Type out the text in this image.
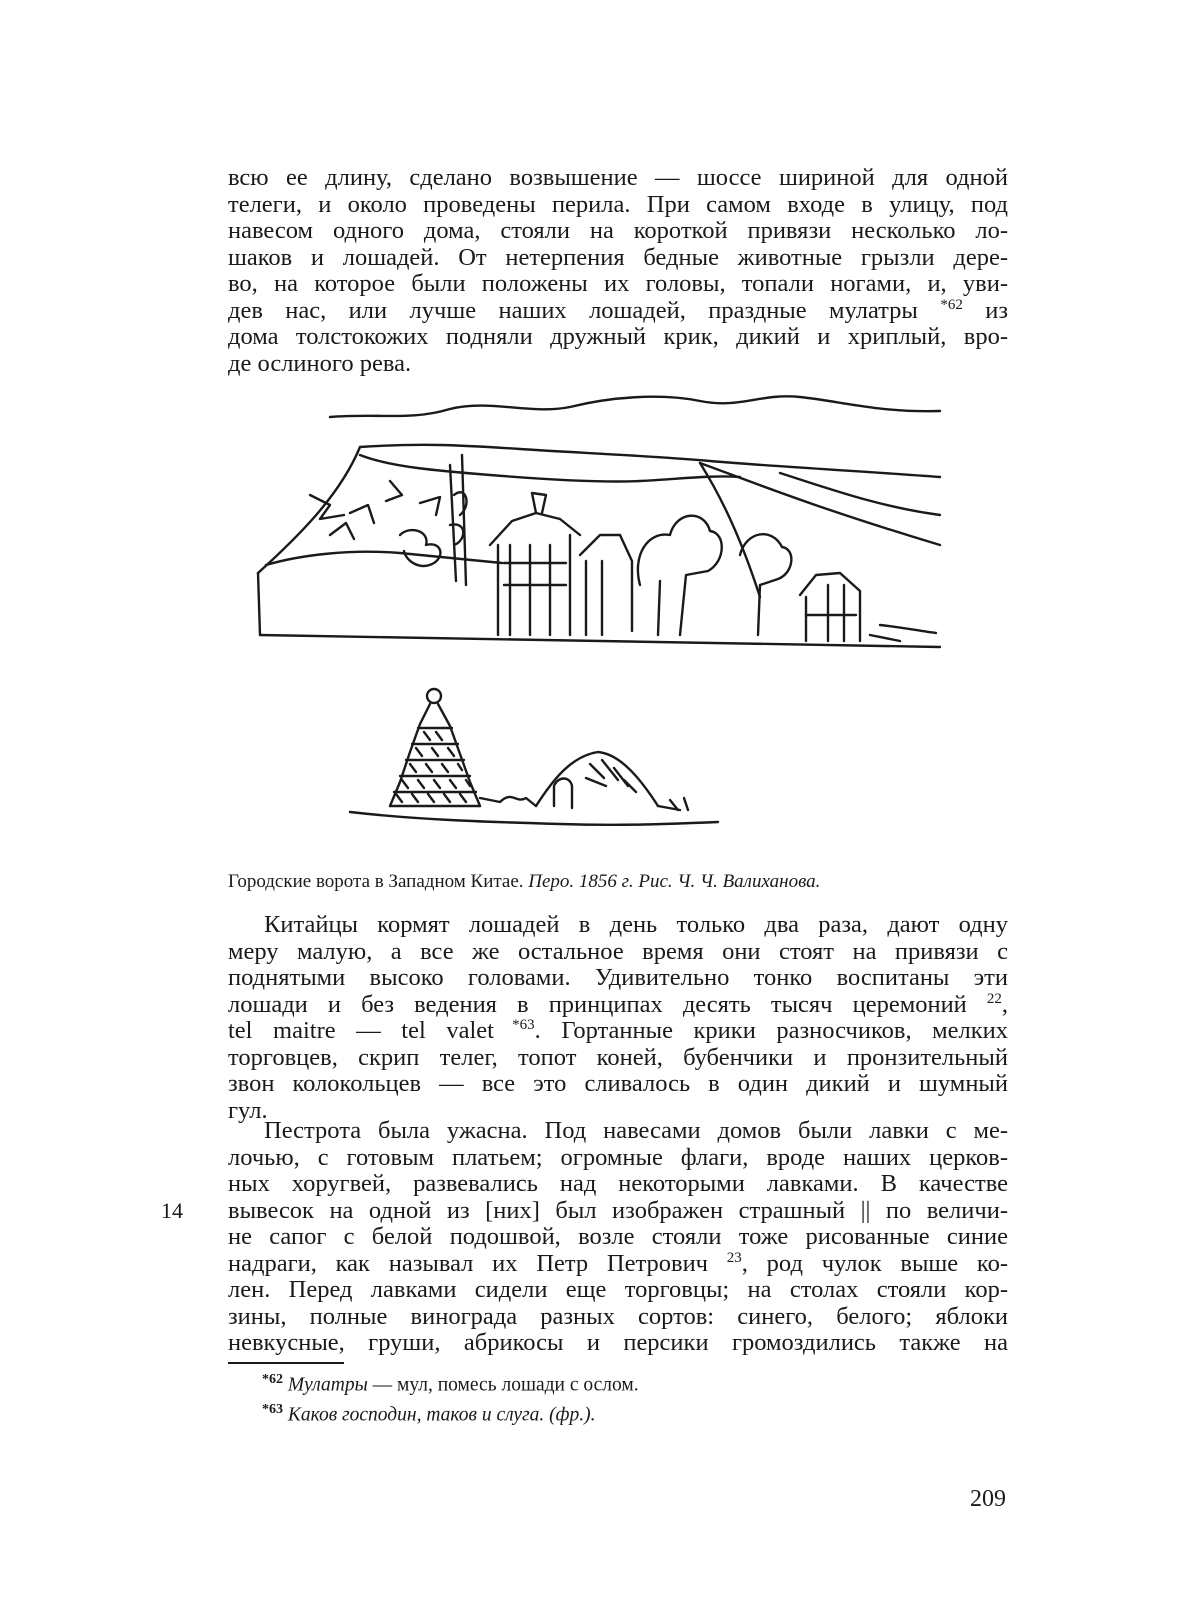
всю ее длину, сделано возвышение — шоссе шириной для одной
телеги, и около проведены перила. При самом входе в улицу, под
навесом одного дома, стояли на короткой привязи несколько ло-
шаков и лошадей. От нетерпения бедные животные грызли дере-
во, на которое были положены их головы, топали ногами, и, уви-
дев нас, или лучше наших лошадей, праздные мулатры $^{*62}$ из
дома толстокожих подняли дружный крик, дикий и хриплый, вро-
де ослиного рева.
Городские ворота в Западном Китае. Перо. 1856 г. Рис. Ч. Ч. Валиханова.
Китайцы кормят лошадей в день только два раза, дают одну
меру малую, а все же остальное время они стоят на привязи с
поднятыми высоко головами. Удивительно тонко воспитаны эти
лошади и без ведения в принципах десять тысяч церемоний $^{22}$,
tel maitre — tel valet $^{*63}$. Гортанные крики разносчиков, мелких
торговцев, скрип телег, топот коней, бубенчики и пронзительный
звон колокольцев — все это сливалось в один дикий и шумный
гул.
Пестрота была ужасна. Под навесами домов были лавки с ме-
лочью, с готовым платьем; огромные флаги, вроде наших церков-
ных хоругвей, развевались над некоторыми лавками. В качестве
вывесок на одной из [них] был изображен страшный || по величи-
не сапог с белой подошвой, возле стояли тоже рисованные синие
надраги, как называл их Петр Петрович $^{23}$, род чулок выше ко-
лен. Перед лавками сидели еще торговцы; на столах стояли кор-
зины, полные винограда разных сортов: синего, белого; яблоки
невкусные, груши, абрикосы и персики громоздились также на
14
$^{*62}$ Мулатры — мул, помесь лошади с ослом.
$^{*63}$ Каков господин, таков и слуга. (фр.).
209
